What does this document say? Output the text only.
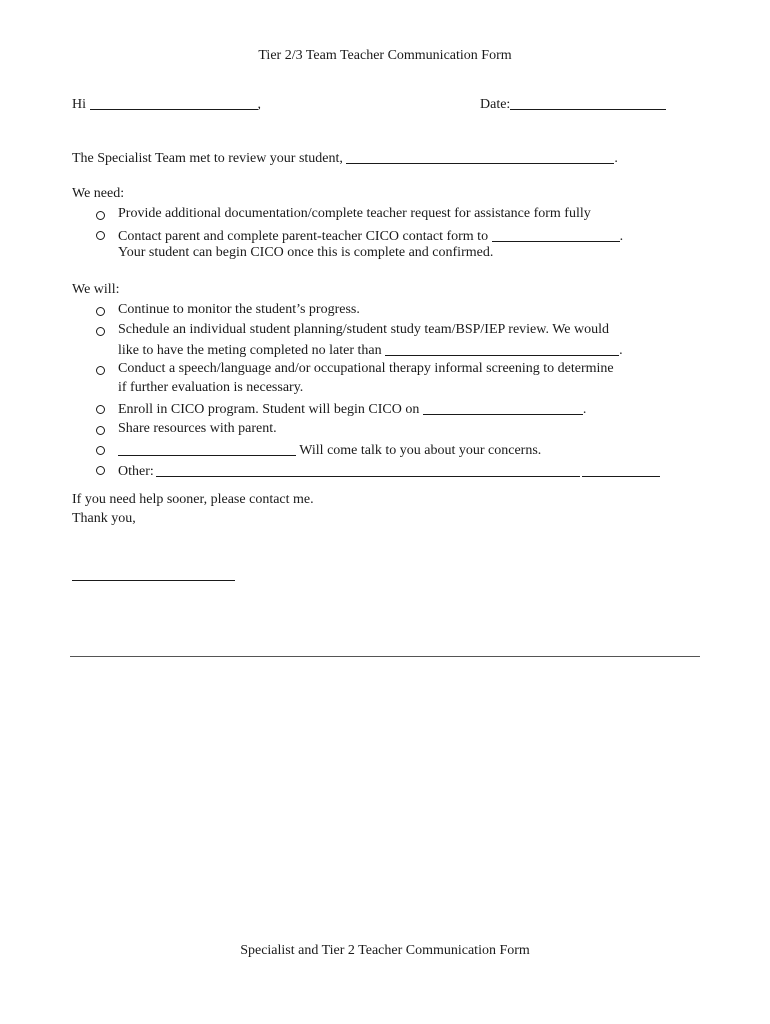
Tier 2/3 Team Teacher Communication Form
Hi	,	Date:
The Specialist Team met to review your student,	.
We need:
Provide additional documentation/complete teacher request for assistance form fully
Contact parent and complete parent-teacher CICO contact form to	.
Your student can begin CICO once this is complete and confirmed.
We will:
Continue to monitor the student’s progress.
Schedule an individual student planning/student study team/BSP/IEP review. We would
like to have the meting completed no later than	.
Conduct a speech/language and/or occupational therapy informal screening to determine
if further evaluation is necessary.
Enroll in CICO program. Student will begin CICO on	.
Share resources with parent.
Will come talk to you about your concerns.
Other:
If you need help sooner, please contact me.
Thank you,
Specialist and Tier 2 Teacher Communication Form
